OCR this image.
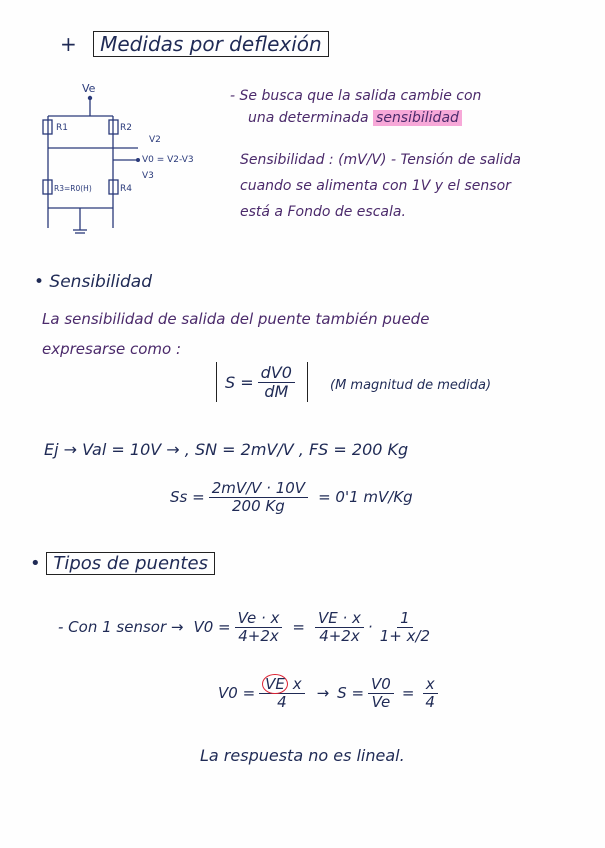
+ Medidas por deflexión
Ve
R1	R2
R3=R0(H)	R4
V2
V0 = V2-V3
V3
- Se busca que la salida cambie con
una determinada sensibilidad
Sensibilidad : (mV/V) - Tensión de salida
cuando se alimenta con 1V y el sensor
está a Fondo de escala.
• Sensibilidad
La sensibilidad de salida del puente también puede
expresarse como :
$S = \frac{dV0}{dM}$	(M magnitud de medida)
Ej → Val = 10V → , SN = 2mV/V , FS = 200 Kg
$Ss = \frac{2mV/V \cdot 10V}{200 Kg} = 0'1$ mV/Kg
• Tipos de puentes
- Con 1 sensor → $V0 = \frac{Ve \cdot x}{4+2x} = \frac{VE \cdot x}{4+2x} \cdot \frac{1}{1+ x/2}$
$V0 = \frac{\text{VE x}}{4} \to S = \frac{V0}{Ve} = \frac{x}{4}$
La respuesta no es lineal.
